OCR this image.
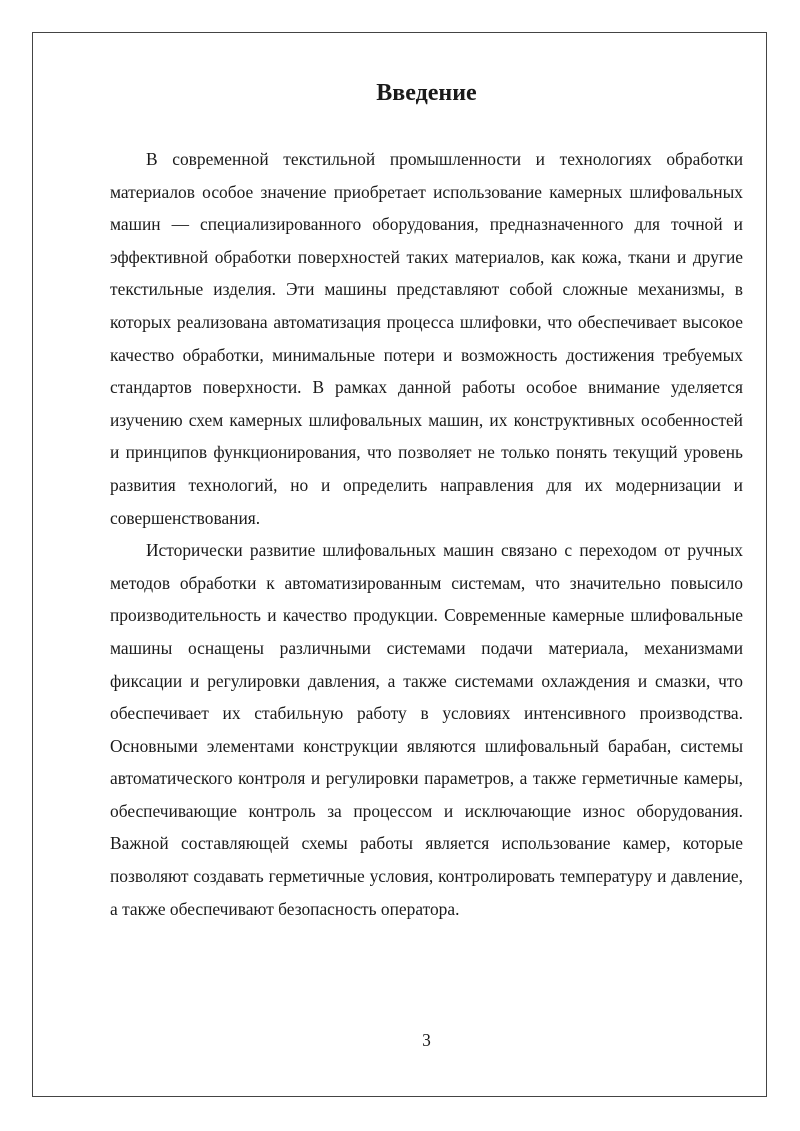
Введение

В современной текстильной промышленности и технологиях обработки материалов особое значение приобретает использование камерных шлифовальных машин — специализированного оборудования, предназначенного для точной и эффективной обработки поверхностей таких материалов, как кожа, ткани и другие текстильные изделия. Эти машины представляют собой сложные механизмы, в которых реализована автоматизация процесса шлифовки, что обеспечивает высокое качество обработки, минимальные потери и возможность достижения требуемых стандартов поверхности. В рамках данной работы особое внимание уделяется изучению схем камерных шлифовальных машин, их конструктивных особенностей и принципов функционирования, что позволяет не только понять текущий уровень развития технологий, но и определить направления для их модернизации и совершенствования.

Исторически развитие шлифовальных машин связано с переходом от ручных методов обработки к автоматизированным системам, что значительно повысило производительность и качество продукции. Современные камерные шлифовальные машины оснащены различными системами подачи материала, механизмами фиксации и регулировки давления, а также системами охлаждения и смазки, что обеспечивает их стабильную работу в условиях интенсивного производства. Основными элементами конструкции являются шлифовальный барабан, системы автоматического контроля и регулировки параметров, а также герметичные камеры, обеспечивающие контроль за процессом и исключающие износ оборудования. Важной составляющей схемы работы является использование камер, которые позволяют создавать герметичные условия, контролировать температуру и давление, а также обеспечивают безопасность оператора.

3
